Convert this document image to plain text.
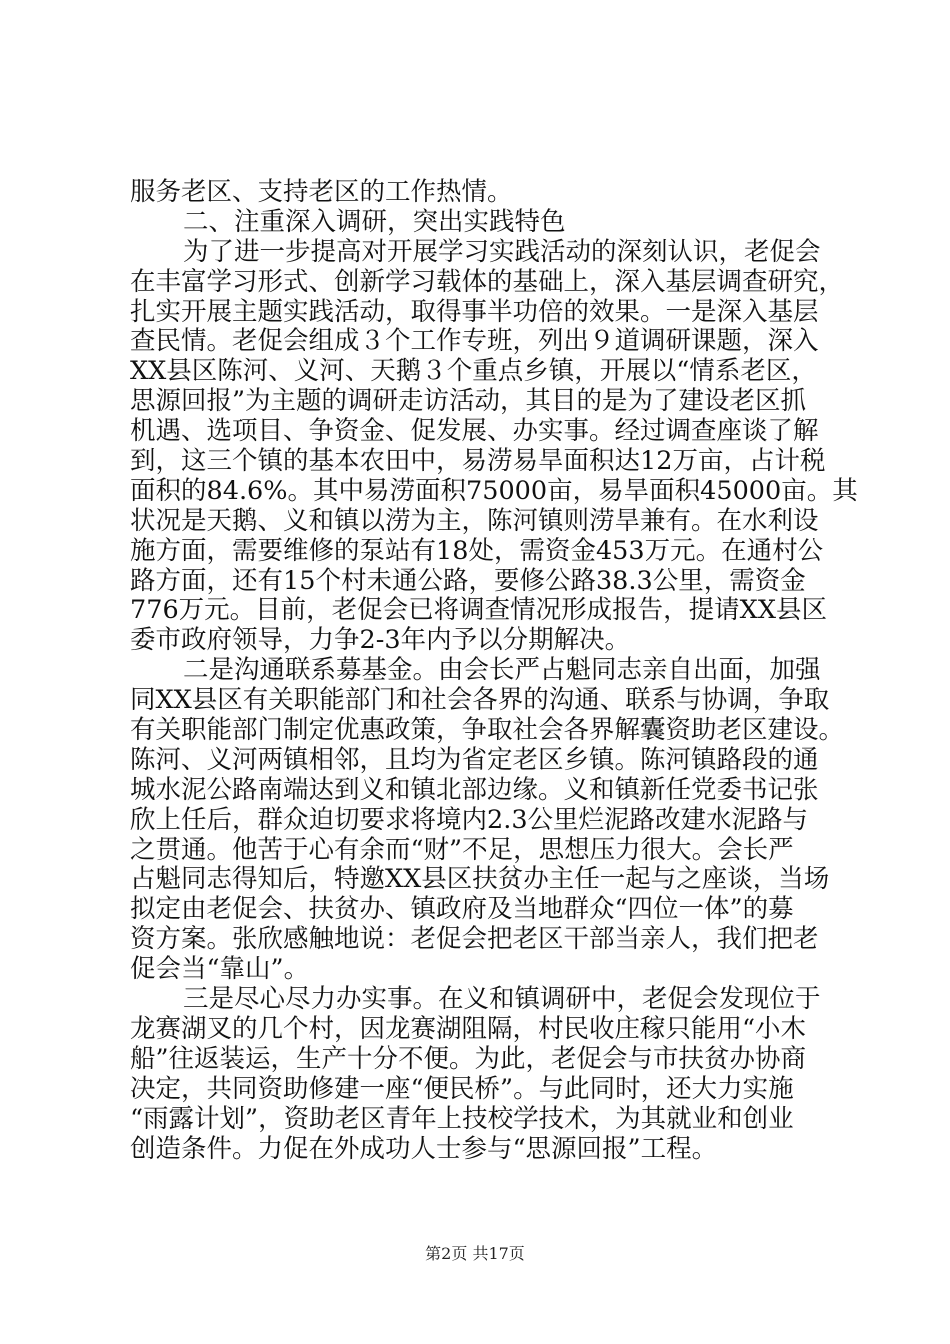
服务老区、支持老区的工作热情。
二、注重深入调研，突出实践特色
为了进一步提高对开展学习实践活动的深刻认识，老促会
在丰富学习形式、创新学习载体的基础上，深入基层调查研究，
扎实开展主题实践活动，取得事半功倍的效果。一是深入基层
查民情。老促会组成３个工作专班，列出９道调研课题，深入
XX县区陈河、义河、天鹅３个重点乡镇，开展以“情系老区，
思源回报”为主题的调研走访活动，其目的是为了建设老区抓
机遇、选项目、争资金、促发展、办实事。经过调查座谈了解
到，这三个镇的基本农田中，易涝易旱面积达12万亩，占计税
面积的84.6%。其中易涝面积75000亩，易旱面积45000亩。其
状况是天鹅、义和镇以涝为主，陈河镇则涝旱兼有。在水利设
施方面，需要维修的泵站有18处，需资金453万元。在通村公
路方面，还有15个村未通公路，要修公路38.3公里，需资金
776万元。目前，老促会已将调查情况形成报告，提请XX县区
委市政府领导，力争2-3年内予以分期解决。
二是沟通联系募基金。由会长严占魁同志亲自出面，加强
同XX县区有关职能部门和社会各界的沟通、联系与协调，争取
有关职能部门制定优惠政策，争取社会各界解囊资助老区建设。
陈河、义河两镇相邻，且均为省定老区乡镇。陈河镇路段的通
城水泥公路南端达到义和镇北部边缘。义和镇新任党委书记张
欣上任后，群众迫切要求将境内2.3公里烂泥路改建水泥路与
之贯通。他苦于心有余而“财”不足，思想压力很大。会长严
占魁同志得知后，特邀XX县区扶贫办主任一起与之座谈，当场
拟定由老促会、扶贫办、镇政府及当地群众“四位一体”的募
资方案。张欣感触地说：老促会把老区干部当亲人，我们把老
促会当“靠山”。
三是尽心尽力办实事。在义和镇调研中，老促会发现位于
龙赛湖叉的几个村，因龙赛湖阻隔，村民收庄稼只能用“小木
船”往返装运，生产十分不便。为此，老促会与市扶贫办协商
决定，共同资助修建一座“便民桥”。与此同时，还大力实施
“雨露计划”，资助老区青年上技校学技术，为其就业和创业
创造条件。力促在外成功人士参与“思源回报”工程。
第2页 共17页
